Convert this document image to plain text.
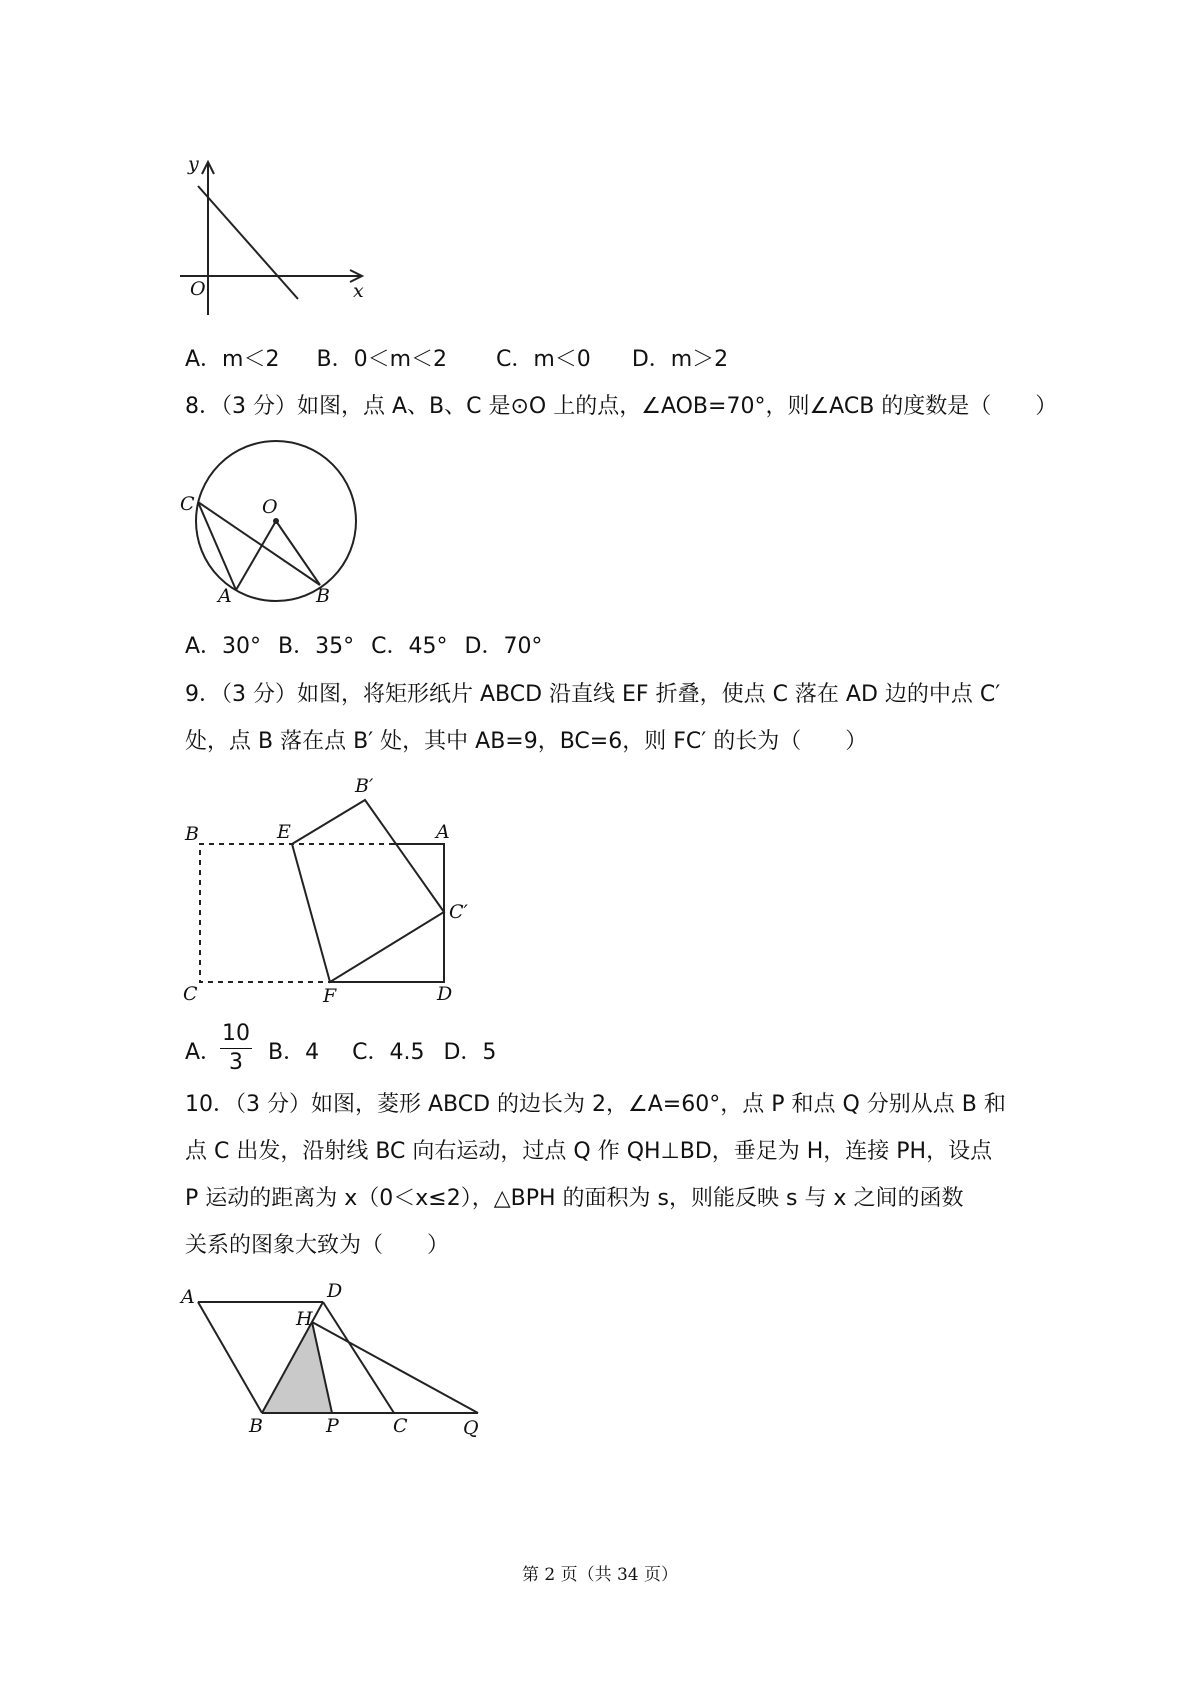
y
x
O
A．m＜2 B．0＜m＜2 C．m＜0 D．m＞2
8．（3 分）如图，点 A、B、C 是⊙O 上的点，∠AOB=70°，则∠ACB 的度数是（　　）
C	O
A	B
A．30° B．35° C．45° D．70°
9．（3 分）如图，将矩形纸片 ABCD 沿直线 EF 折叠，使点 C 落在 AD 边的中点 C′
处，点 B 落在点 B′ 处，其中 AB=9，BC=6，则 FC′ 的长为（　　）
B′
B	E	A
C′
C	F	D
A．
10
3	B．4 C．4.5 D．5
10．（3 分）如图，菱形 ABCD 的边长为 2，∠A=60°，点 P 和点 Q 分别从点 B 和
点 C 出发，沿射线 BC 向右运动，过点 Q 作 QH⊥BD，垂足为 H，连接 PH，设点
P 运动的距离为 x（0＜x≤2），△BPH 的面积为 s，则能反映 s 与 x 之间的函数
关系的图象大致为（　　）
A	D
H
B	P	C	Q
第 2 页（共 34 页）
